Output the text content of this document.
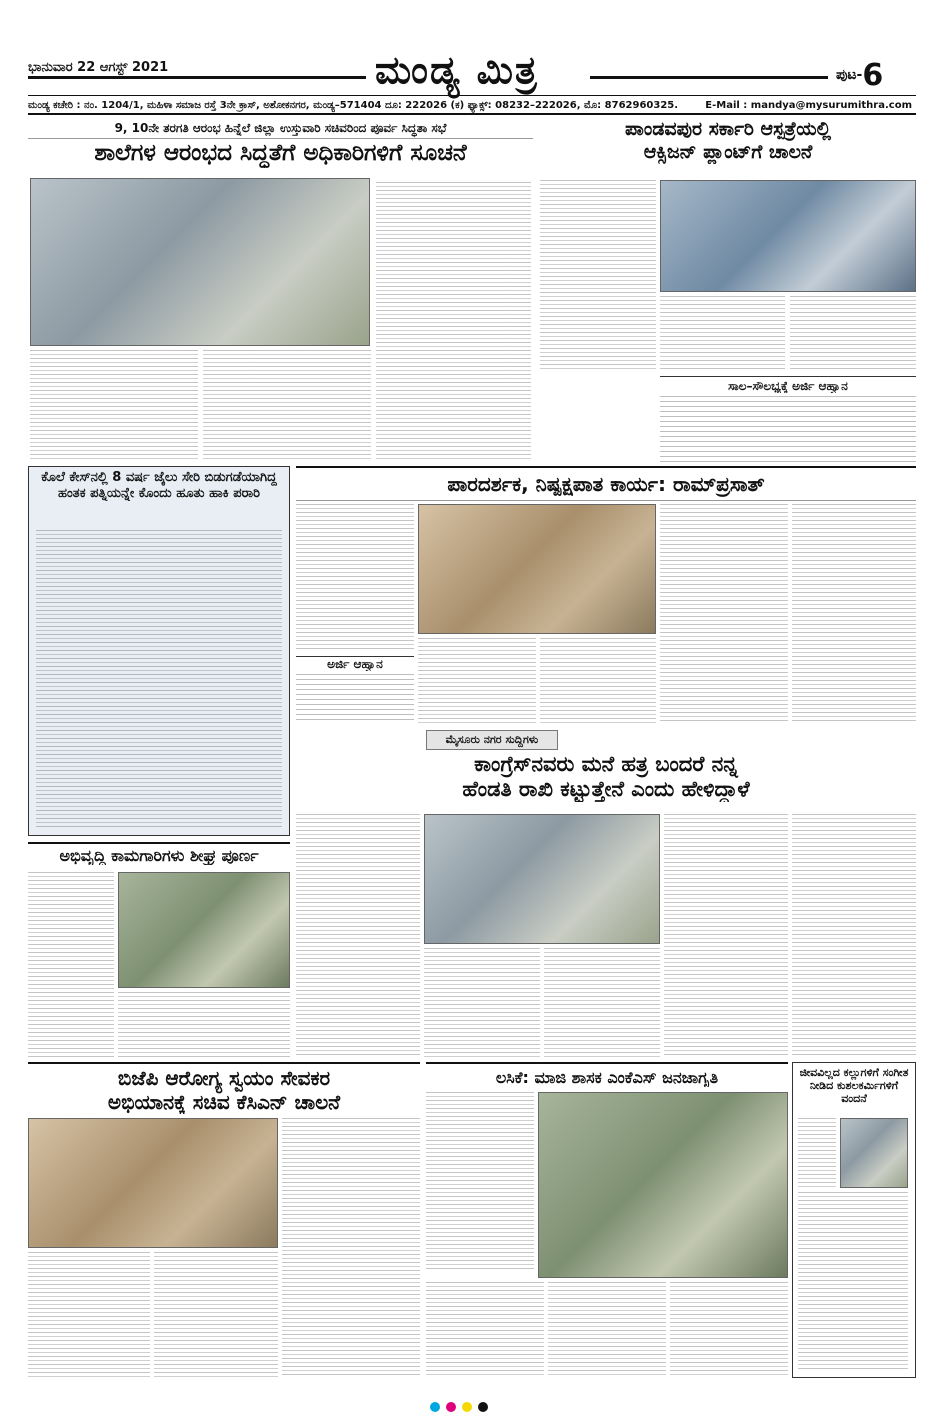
ಭಾನುವಾರ 22 ಆಗಸ್ಟ್ 2021	ಮಂಡ್ಯ ಮಿತ್ರ	ಪುಟ-6
ಮಂಡ್ಯ ಕಚೇರಿ : ನಂ. 1204/1, ಮಹಿಳಾ ಸಮಾಜ ರಸ್ತೆ 3ನೇ ಕ್ರಾಸ್, ಅಶೋಕನಗರ, ಮಂಡ್ಯ–571404 ದೂ: 222026 (ಕ) ಫ್ಯಾಕ್ಸ್: 08232–222026, ಮೊ: 8762960325.	E-Mail : mandya@mysurumithra.com
9, 10ನೇ ತರಗತಿ ಆರಂಭ ಹಿನ್ನೆಲೆ ಜಿಲ್ಲಾ ಉಸ್ತುವಾರಿ ಸಚಿವರಿಂದ ಪೂರ್ವ ಸಿದ್ಧತಾ ಸಭೆ
ಶಾಲೆಗಳ ಆರಂಭದ ಸಿದ್ಧತೆಗೆ ಅಧಿಕಾರಿಗಳಿಗೆ ಸೂಚನೆ
ಪಾಂಡವಪುರ ಸರ್ಕಾರಿ ಆಸ್ಪತ್ರೆಯಲ್ಲಿ
ಆಕ್ಸಿಜನ್ ಪ್ಲಾಂಟ್‌ಗೆ ಚಾಲನೆ
ಸಾಲ–ಸೌಲಭ್ಯಕ್ಕೆ ಅರ್ಜಿ ಆಹ್ವಾನ
ಕೊಲೆ ಕೇಸ್‌ನಲ್ಲಿ 8 ವರ್ಷ ಜೈಲು ಸೇರಿ ಬಿಡುಗಡೆಯಾಗಿದ್ದ ಹಂತಕ ಪತ್ನಿಯನ್ನೇ ಕೊಂದು ಹೂತು ಹಾಕಿ ಪರಾರಿ	ಪಾರದರ್ಶಕ, ನಿಷ್ಪಕ್ಷಪಾತ ಕಾರ್ಯ: ರಾಮ್‌ಪ್ರಸಾತ್
ಅರ್ಜಿ ಆಹ್ವಾನ
ಮೈಸೂರು ನಗರ ಸುದ್ದಿಗಳು
ಕಾಂಗ್ರೆಸ್‌ನವರು ಮನೆ ಹತ್ರ ಬಂದರೆ ನನ್ನ
ಹೆಂಡತಿ ರಾಖಿ ಕಟ್ಟುತ್ತೇನೆ ಎಂದು ಹೇಳಿದ್ದಾಳೆ
ಅಭಿವೃದ್ಧಿ ಕಾಮಗಾರಿಗಳು ಶೀಘ್ರ ಪೂರ್ಣ
ಬಿಜೆಪಿ ಆರೋಗ್ಯ ಸ್ವಯಂ ಸೇವಕರ
ಅಭಿಯಾನಕ್ಕೆ ಸಚಿವ ಕೆಸಿಎನ್ ಚಾಲನೆ
ಲಸಿಕೆ: ಮಾಜಿ ಶಾಸಕ ಎಂಕೆಎಸ್ ಜನಜಾಗೃತಿ	ಜೀವವಿಲ್ಲದ ಕಲ್ಲುಗಳಿಗೆ ಸಂಗೀತ ನೀಡಿದ ಕುಶಲಕರ್ಮಿಗಳಿಗೆ ವಂದನೆ
